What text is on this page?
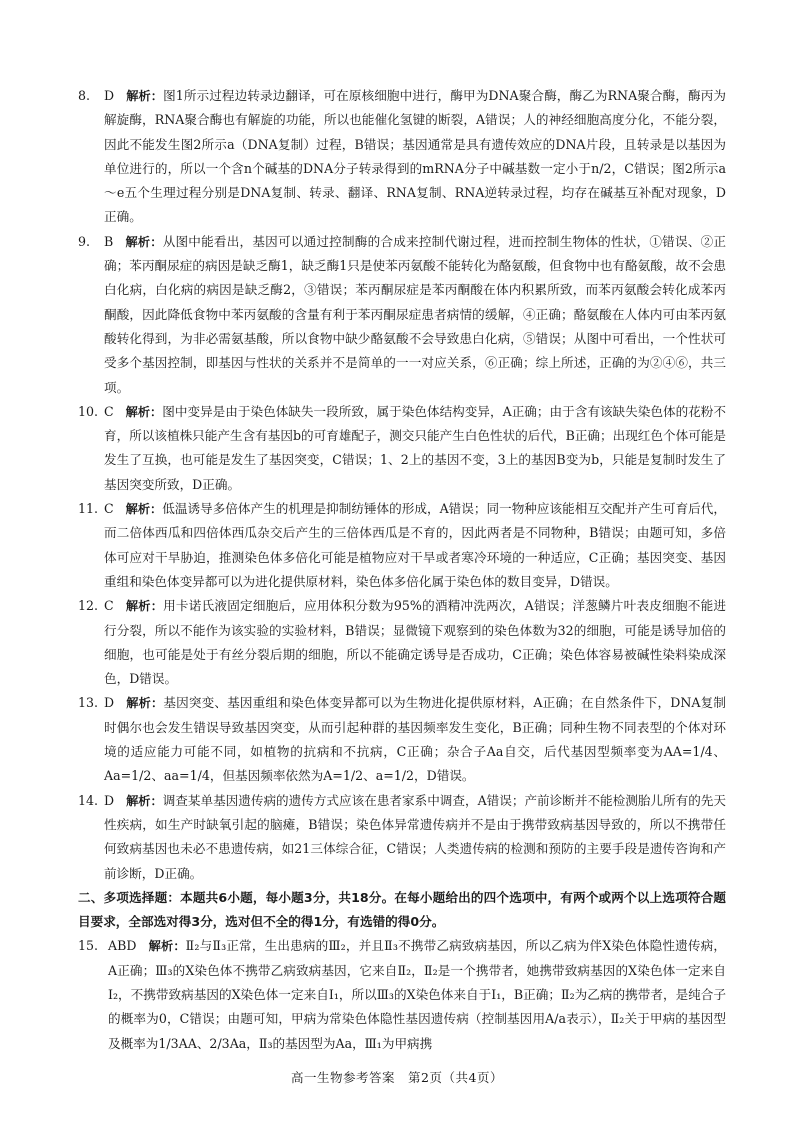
8. D 解析：图1所示过程边转录边翻译，可在原核细胞中进行，酶甲为DNA聚合酶，酶乙为RNA聚合酶，酶丙为解旋酶，RNA聚合酶也有解旋的功能，所以也能催化氢键的断裂，A错误；人的神经细胞高度分化，不能分裂，因此不能发生图2所示a（DNA复制）过程，B错误；基因通常是具有遗传效应的DNA片段，且转录是以基因为单位进行的，所以一个含n个碱基的DNA分子转录得到的mRNA分子中碱基数一定小于n/2，C错误；图2所示a～e五个生理过程分别是DNA复制、转录、翻译、RNA复制、RNA逆转录过程，均存在碱基互补配对现象，D正确。
9. B 解析：从图中能看出，基因可以通过控制酶的合成来控制代谢过程，进而控制生物体的性状，①错误、②正确；苯丙酮尿症的病因是缺乏酶1，缺乏酶1只是使苯丙氨酸不能转化为酪氨酸，但食物中也有酪氨酸，故不会患白化病，白化病的病因是缺乏酶2，③错误；苯丙酮尿症是苯丙酮酸在体内积累所致，而苯丙氨酸会转化成苯丙酮酸，因此降低食物中苯丙氨酸的含量有利于苯丙酮尿症患者病情的缓解，④正确；酪氨酸在人体内可由苯丙氨酸转化得到，为非必需氨基酸，所以食物中缺少酪氨酸不会导致患白化病，⑤错误；从图中可看出，一个性状可受多个基因控制，即基因与性状的关系并不是简单的一一对应关系，⑥正确；综上所述，正确的为②④⑥，共三项。
10. C 解析：图中变异是由于染色体缺失一段所致，属于染色体结构变异，A正确；由于含有该缺失染色体的花粉不育，所以该植株只能产生含有基因b的可育雄配子，测交只能产生白色性状的后代，B正确；出现红色个体可能是发生了互换，也可能是发生了基因突变，C错误；1、2上的基因不变，3上的基因B变为b，只能是复制时发生了基因突变所致，D正确。
11. C 解析：低温诱导多倍体产生的机理是抑制纺锤体的形成，A错误；同一物种应该能相互交配并产生可育后代，而二倍体西瓜和四倍体西瓜杂交后产生的三倍体西瓜是不育的，因此两者是不同物种，B错误；由题可知，多倍体可应对干旱胁迫，推测染色体多倍化可能是植物应对干旱或者寒冷环境的一种适应，C正确；基因突变、基因重组和染色体变异都可以为进化提供原材料，染色体多倍化属于染色体的数目变异，D错误。
12. C 解析：用卡诺氏液固定细胞后，应用体积分数为95%的酒精冲洗两次，A错误；洋葱鳞片叶表皮细胞不能进行分裂，所以不能作为该实验的实验材料，B错误；显微镜下观察到的染色体数为32的细胞，可能是诱导加倍的细胞，也可能是处于有丝分裂后期的细胞，所以不能确定诱导是否成功，C正确；染色体容易被碱性染料染成深色，D错误。
13. D 解析：基因突变、基因重组和染色体变异都可以为生物进化提供原材料，A正确；在自然条件下，DNA复制时偶尔也会发生错误导致基因突变，从而引起种群的基因频率发生变化，B正确；同种生物不同表型的个体对环境的适应能力可能不同，如植物的抗病和不抗病，C正确；杂合子Aa自交，后代基因型频率变为AA=1/4、Aa=1/2、aa=1/4，但基因频率依然为A=1/2、a=1/2，D错误。
14. D 解析：调查某单基因遗传病的遗传方式应该在患者家系中调查，A错误；产前诊断并不能检测胎儿所有的先天性疾病，如生产时缺氧引起的脑瘫，B错误；染色体异常遗传病并不是由于携带致病基因导致的，所以不携带任何致病基因也未必不患遗传病，如21三体综合征，C错误；人类遗传病的检测和预防的主要手段是遗传咨询和产前诊断，D正确。
二、多项选择题：本题共6小题，每小题3分，共18分。在每小题给出的四个选项中，有两个或两个以上选项符合题目要求，全部选对得3分，选对但不全的得1分，有选错的得0分。
15. ABD 解析：Ⅱ₂与Ⅱ₃正常，生出患病的Ⅲ₂，并且Ⅱ₃不携带乙病致病基因，所以乙病为伴X染色体隐性遗传病，A正确；Ⅲ₃的X染色体不携带乙病致病基因，它来自Ⅱ₂，Ⅱ₂是一个携带者，她携带致病基因的X染色体一定来自Ⅰ₂，不携带致病基因的X染色体一定来自Ⅰ₁，所以Ⅲ₃的X染色体来自于Ⅰ₁，B正确；Ⅱ₂为乙病的携带者，是纯合子的概率为0，C错误；由题可知，甲病为常染色体隐性基因遗传病（控制基因用A/a表示），Ⅱ₂关于甲病的基因型及概率为1/3AA、2/3Aa，Ⅱ₃的基因型为Aa，Ⅲ₁为甲病携
高一生物参考答案　第2页（共4页）
